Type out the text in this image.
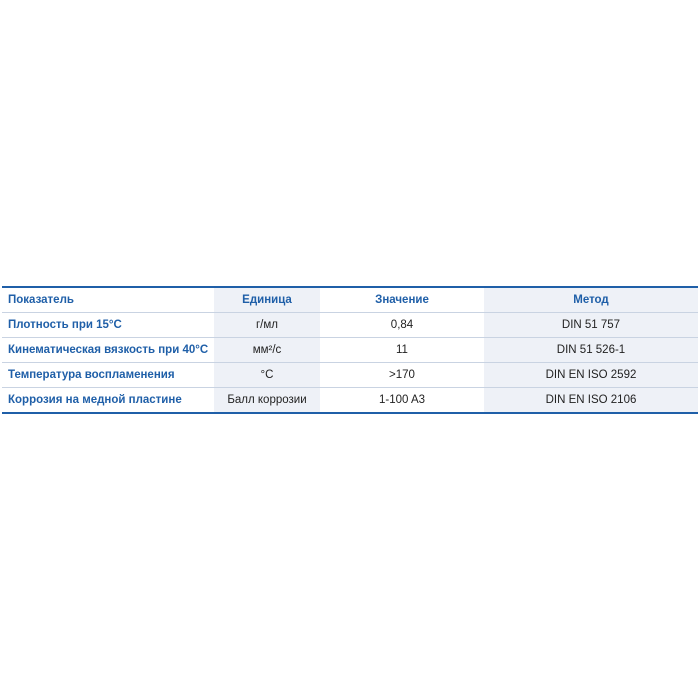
Показатель	Единица	Значение	Метод
Плотность при 15°C	г/мл	0,84	DIN 51 757
Кинематическая вязкость при 40°C	мм²/с	11	DIN 51 526-1
Температура воспламенения	°C	>170	DIN EN ISO 2592
Коррозия на медной пластине	Балл коррозии	1-100 A3	DIN EN ISO 2106
